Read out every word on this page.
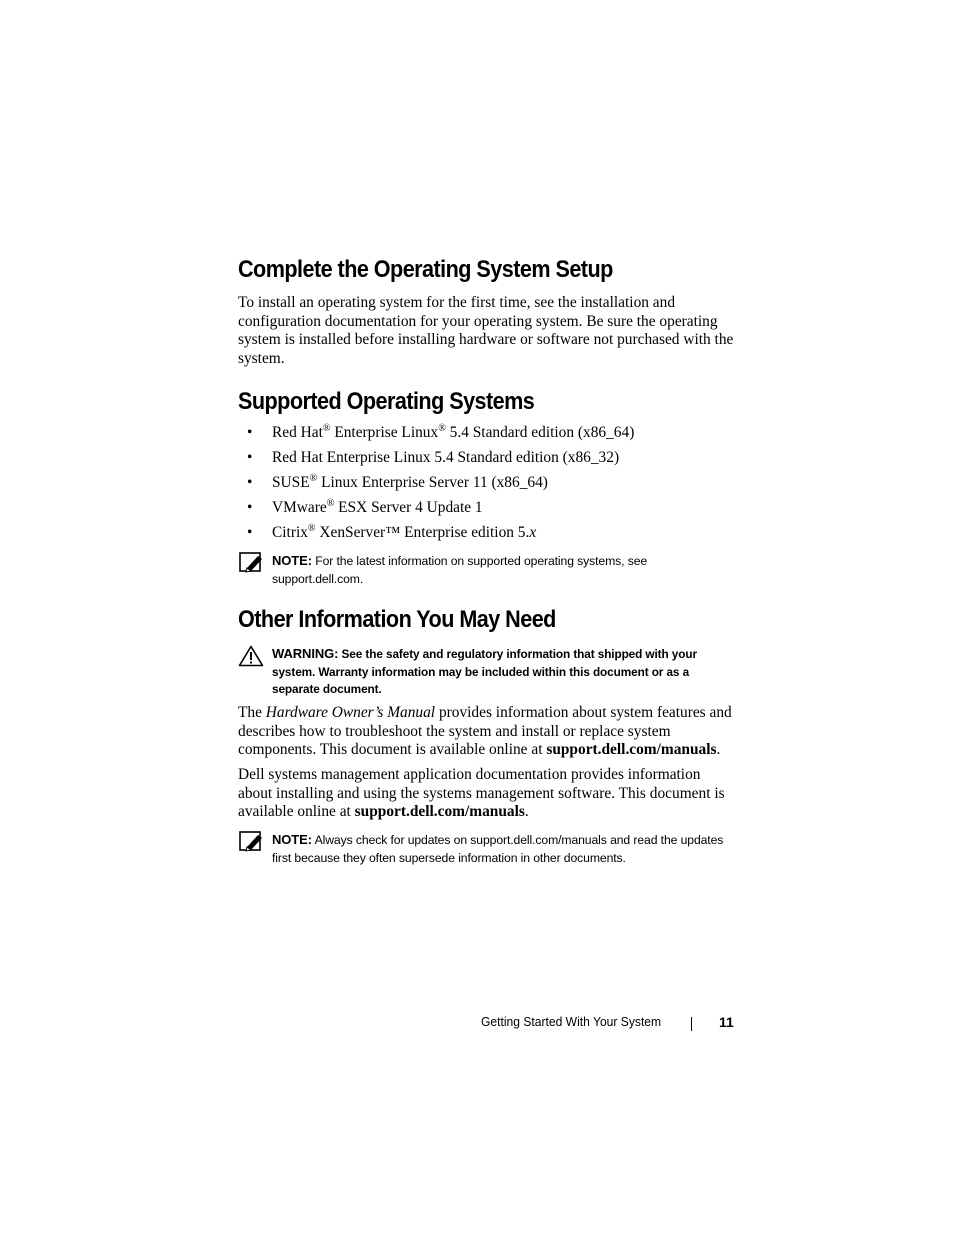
Complete the Operating System Setup

To install an operating system for the first time, see the installation and configuration documentation for your operating system. Be sure the operating system is installed before installing hardware or software not purchased with the system.

Supported Operating Systems
• Red Hat® Enterprise Linux® 5.4 Standard edition (x86_64)
• Red Hat Enterprise Linux 5.4 Standard edition (x86_32)
• SUSE® Linux Enterprise Server 11 (x86_64)
• VMware® ESX Server 4 Update 1
• Citrix® XenServer™ Enterprise edition 5.x

NOTE: For the latest information on supported operating systems, see support.dell.com.

Other Information You May Need

WARNING: See the safety and regulatory information that shipped with your system. Warranty information may be included within this document or as a separate document.

The Hardware Owner’s Manual provides information about system features and describes how to troubleshoot the system and install or replace system components. This document is available online at support.dell.com/manuals.

Dell systems management application documentation provides information about installing and using the systems management software. This document is available online at support.dell.com/manuals.

NOTE: Always check for updates on support.dell.com/manuals and read the updates first because they often supersede information in other documents.

Getting Started With Your System	11
